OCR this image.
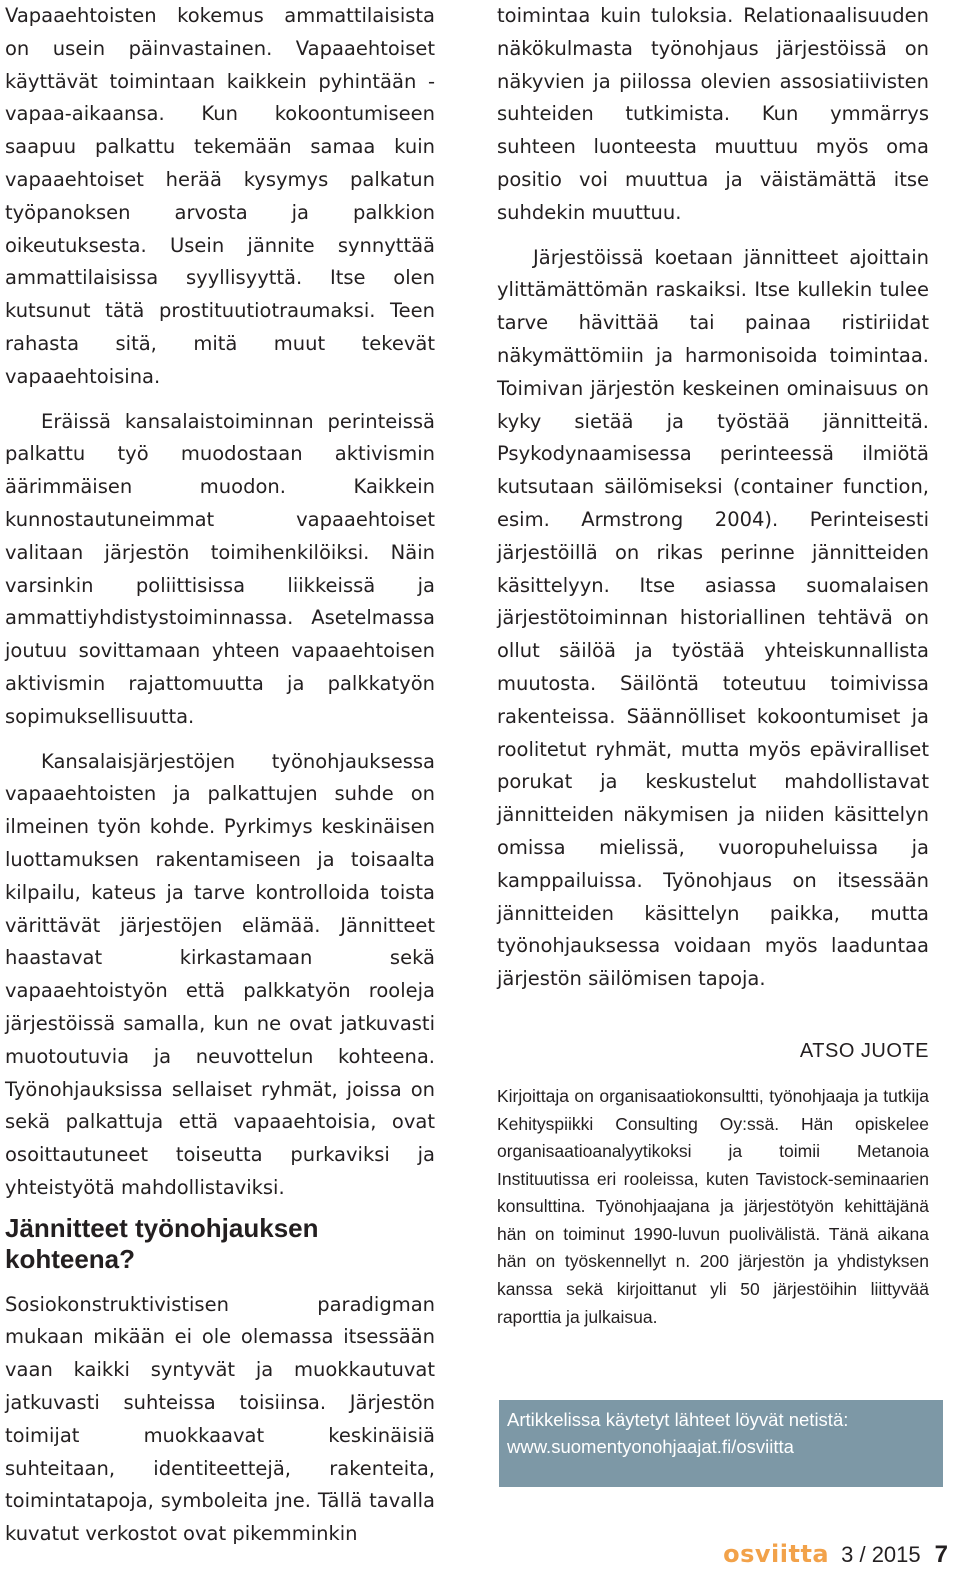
Vapaaehtoisten kokemus ammattilaisista on usein päinvastainen. Vapaaehtoiset käyttävät toimintaan kaikkein pyhintään - vapaa-aikaansa. Kun kokoontumiseen saapuu palkattu tekemään samaa kuin vapaaehtoiset herää kysymys palkatun työpanoksen arvosta ja palkkion oikeutuksesta. Usein jännite synnyttää ammattilaisissa syyllisyyttä. Itse olen kutsunut tätä prostituutiotraumaksi. Teen rahasta sitä, mitä muut tekevät vapaaehtoisina.

Eräissä kansalaistoiminnan perinteissä palkattu työ muodostaan aktivismin äärimmäisen muodon. Kaikkein kunnostautuneimmat vapaaehtoiset valitaan järjestön toimihenkilöiksi. Näin varsinkin poliittisissa liikkeissä ja ammattiyhdistystoiminnassa. Asetelmassa joutuu sovittamaan yhteen vapaaehtoisen aktivismin rajattomuutta ja palkkatyön sopimuksellisuutta.

Kansalaisjärjestöjen työnohjauksessa vapaaehtoisten ja palkattujen suhde on ilmeinen työn kohde. Pyrkimys keskinäisen luottamuksen rakentamiseen ja toisaalta kilpailu, kateus ja tarve kontrolloida toista värittävät järjestöjen elämää. Jännitteet haastavat kirkastamaan sekä vapaaehtoistyön että palkkatyön rooleja järjestöissä samalla, kun ne ovat jatkuvasti muotoutuvia ja neuvottelun kohteena. Työnohjauksissa sellaiset ryhmät, joissa on sekä palkattuja että vapaaehtoisia, ovat osoittautuneet toiseutta purkaviksi ja yhteistyötä mahdollistaviksi.

Jännitteet työnohjauksen kohteena?

Sosiokonstruktivistisen paradigman mukaan mikään ei ole olemassa itsessään vaan kaikki syntyvät ja muokkautuvat jatkuvasti suhteissa toisiinsa. Järjestön toimijat muokkaavat keskinäisiä suhteitaan, identiteettejä, rakenteita, toimintatapoja, symboleita jne. Tällä tavalla kuvatut verkostot ovat pikemminkin

toimintaa kuin tuloksia. Relationaalisuuden näkökulmasta työnohjaus järjestöissä on näkyvien ja piilossa olevien assosiatiivisten suhteiden tutkimista. Kun ymmärrys suhteen luonteesta muuttuu myös oma positio voi muuttua ja väistämättä itse suhdekin muuttuu.

Järjestöissä koetaan jännitteet ajoittain ylittämättömän raskaiksi. Itse kullekin tulee tarve hävittää tai painaa ristiriidat näkymättömiin ja harmonisoida toimintaa. Toimivan järjestön keskeinen ominaisuus on kyky sietää ja työstää jännitteitä. Psykodynaamisessa perinteessä ilmiötä kutsutaan säilömiseksi (container function, esim. Armstrong 2004). Perinteisesti järjestöillä on rikas perinne jännitteiden käsittelyyn. Itse asiassa suomalaisen järjestötoiminnan historiallinen tehtävä on ollut säilöä ja työstää yhteiskunnallista muutosta. Säilöntä toteutuu toimivissa rakenteissa. Säännölliset kokoontumiset ja roolitetut ryhmät, mutta myös epäviralliset porukat ja keskustelut mahdollistavat jännitteiden näkymisen ja niiden käsittelyn omissa mielissä, vuoropuheluissa ja kamppailuissa. Työnohjaus on itsessään jännitteiden käsittelyn paikka, mutta työnohjauksessa voidaan myös laaduntaa järjestön säilömisen tapoja.

ATSO JUOTE

Kirjoittaja on organisaatiokonsultti, työnohjaaja ja tutkija Kehityspiikki Consulting Oy:ssä. Hän opiskelee organisaatioanalyytikoksi ja toimii Metanoia Instituutissa eri rooleissa, kuten Tavistock-seminaarien konsulttina. Työnohjaajana ja järjestötyön kehittäjänä hän on toiminut 1990-luvun puolivälistä. Tänä aikana hän on työskennellyt n. 200 järjestön ja yhdistyksen kanssa sekä kirjoittanut yli 50 järjestöihin liittyvää raporttia ja julkaisua.

Artikkelissa käytetyt lähteet löyvät netistä:

www.suomentyonohjaajat.fi/osviitta

osviitta 3 / 2015 7
